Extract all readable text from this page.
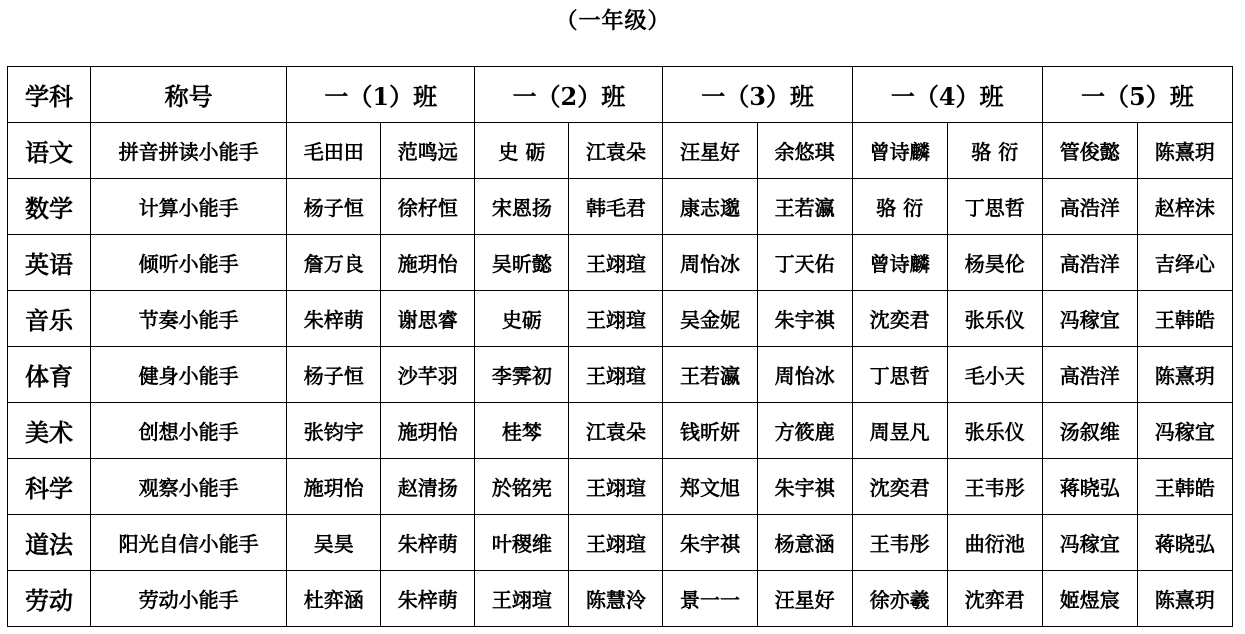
（一年级）
学科	称号	一（1）班		一（2）班		一（3）班		一（4）班		一（5）班	
语文	拼音拼读小能手	毛田田	范鸣远	史 砺	江袁朵	汪星好	余悠琪	曾诗麟	骆 衍	管俊懿	陈熹玥
数学	计算小能手	杨子恒	徐杍恒	宋恩扬	韩毛君	康志邈	王若瀛	骆 衍	丁思哲	高浩洋	赵梓沫
英语	倾听小能手	詹万良	施玥怡	吴昕懿	王翊瑄	周怡冰	丁天佑	曾诗麟	杨昊伦	高浩洋	吉绎心
音乐	节奏小能手	朱梓萌	谢思睿	史砺	王翊瑄	吴金妮	朱宇祺	沈奕君	张乐仪	冯稼宜	王韩皓
体育	健身小能手	杨子恒	沙芊羽	李霁初	王翊瑄	王若瀛	周怡冰	丁思哲	毛小天	高浩洋	陈熹玥
美术	创想小能手	张钧宇	施玥怡	桂棽	江袁朵	钱昕妍	方筱鹿	周昱凡	张乐仪	汤叙维	冯稼宜
科学	观察小能手	施玥怡	赵清扬	於铭宪	王翊瑄	郑文旭	朱宇祺	沈奕君	王韦彤	蒋晓弘	王韩皓
道法	阳光自信小能手	吴昊	朱梓萌	叶稷维	王翊瑄	朱宇祺	杨意涵	王韦彤	曲衍池	冯稼宜	蒋晓弘
劳动	劳动小能手	杜弈涵	朱梓萌	王翊瑄	陈慧泠	景一一	汪星好	徐亦羲	沈弈君	姬煜宸	陈熹玥
